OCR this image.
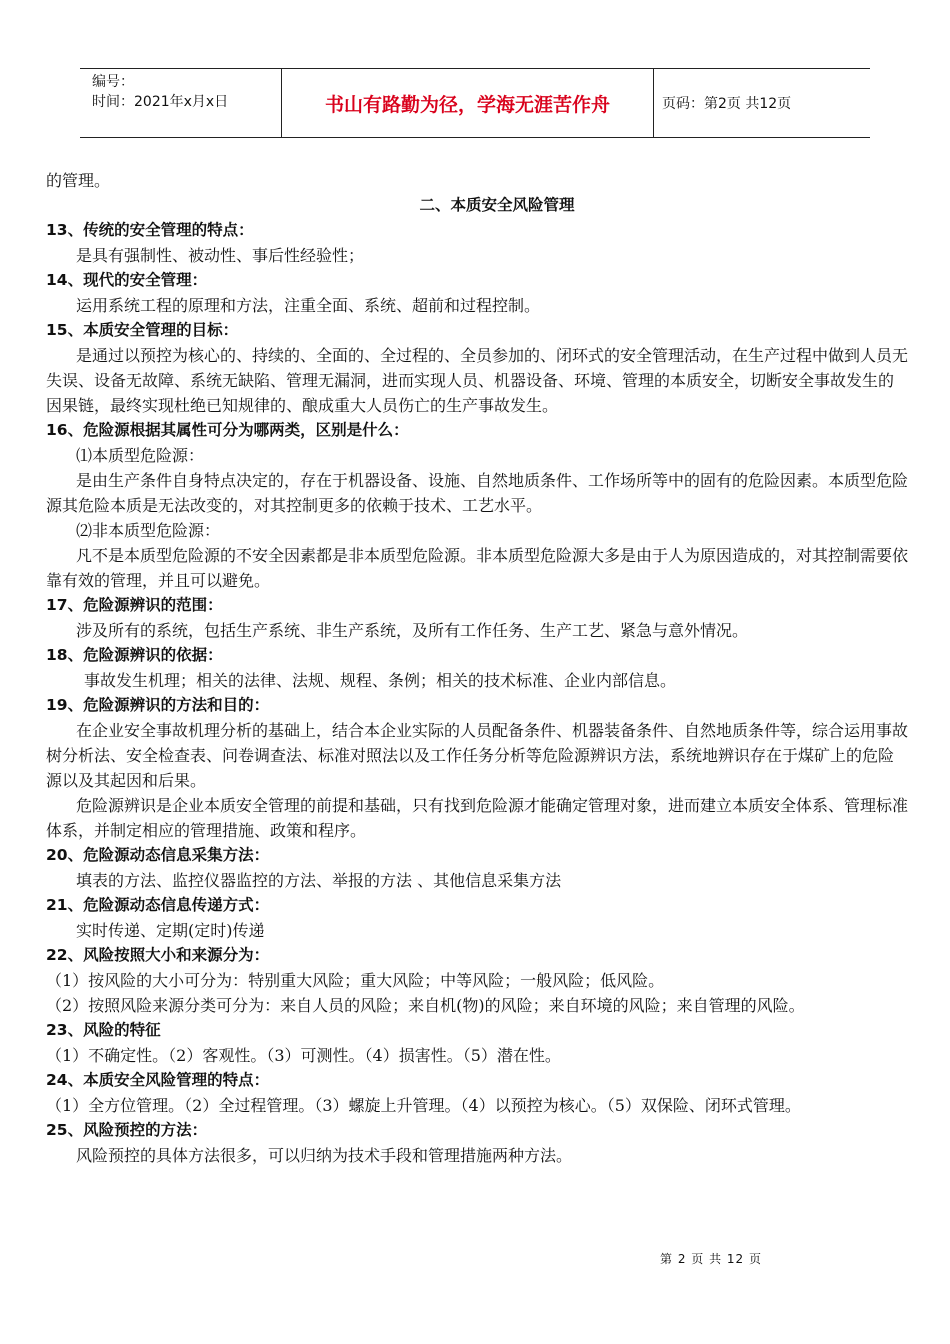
编号：
时间：2021年x月x日	书山有路勤为径，学海无涯苦作舟	页码：第2页 共12页

的管理。

二、本质安全风险管理

13、传统的安全管理的特点：

是具有强制性、被动性、事后性经验性；

14、现代的安全管理：

运用系统工程的原理和方法，注重全面、系统、超前和过程控制。

15、本质安全管理的目标：

是通过以预控为核心的、持续的、全面的、全过程的、全员参加的、闭环式的安全管理活动，在生产过程中做到人员无失误、设备无故障、系统无缺陷、管理无漏洞，进而实现人员、机器设备、环境、管理的本质安全，切断安全事故发生的因果链，最终实现杜绝已知规律的、酿成重大人员伤亡的生产事故发生。

16、危险源根据其属性可分为哪两类，区别是什么：

⑴本质型危险源：

是由生产条件自身特点决定的，存在于机器设备、设施、自然地质条件、工作场所等中的固有的危险因素。本质型危险源其危险本质是无法改变的，对其控制更多的依赖于技术、工艺水平。

⑵非本质型危险源：

凡不是本质型危险源的不安全因素都是非本质型危险源。非本质型危险源大多是由于人为原因造成的，对其控制需要依靠有效的管理，并且可以避免。

17、危险源辨识的范围：

涉及所有的系统，包括生产系统、非生产系统，及所有工作任务、生产工艺、紧急与意外情况。

18、危险源辨识的依据：

事故发生机理；相关的法律、法规、规程、条例；相关的技术标准、企业内部信息。

19、危险源辨识的方法和目的：

在企业安全事故机理分析的基础上，结合本企业实际的人员配备条件、机器装备条件、自然地质条件等，综合运用事故树分析法、安全检查表、问卷调查法、标准对照法以及工作任务分析等危险源辨识方法，系统地辨识存在于煤矿上的危险源以及其起因和后果。

危险源辨识是企业本质安全管理的前提和基础，只有找到危险源才能确定管理对象，进而建立本质安全体系、管理标准体系，并制定相应的管理措施、政策和程序。

20、危险源动态信息采集方法：

填表的方法、监控仪器监控的方法、举报的方法 、其他信息采集方法

21、危险源动态信息传递方式：

实时传递、定期(定时)传递

22、风险按照大小和来源分为：

（1）按风险的大小可分为：特别重大风险；重大风险；中等风险；一般风险；低风险。

（2）按照风险来源分类可分为：来自人员的风险；来自机(物)的风险；来自环境的风险；来自管理的风险。

23、风险的特征

（1）不确定性。（2）客观性。（3）可测性。（4）损害性。（5）潜在性。

24、本质安全风险管理的特点：

（1）全方位管理。（2）全过程管理。（3）螺旋上升管理。（4）以预控为核心。（5）双保险、闭环式管理。

25、风险预控的方法：

风险预控的具体方法很多，可以归纳为技术手段和管理措施两种方法。

第 2 页 共 12 页
